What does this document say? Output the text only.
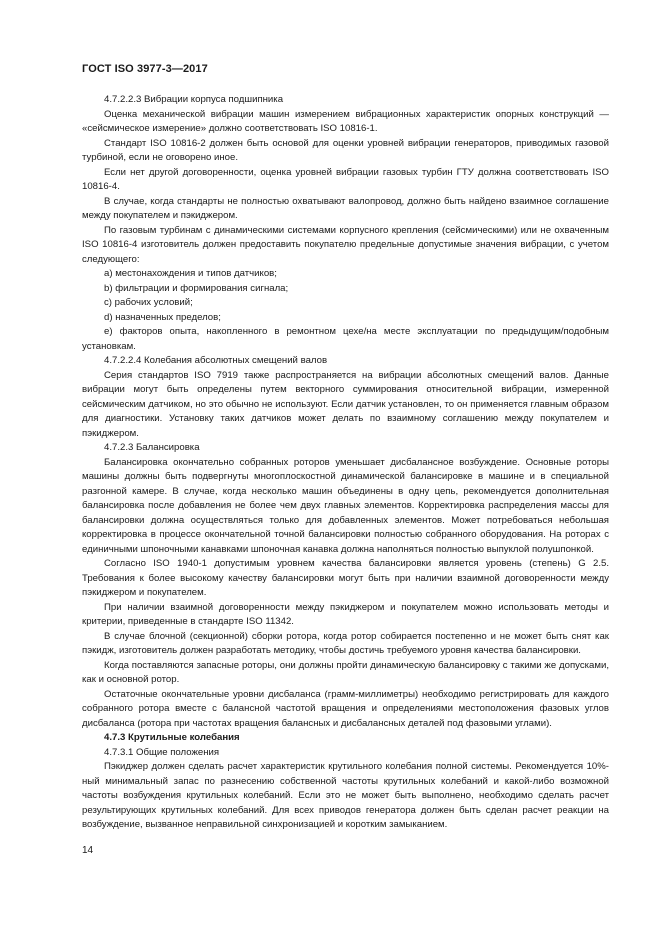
ГОСТ ISO 3977-3—2017

4.7.2.2.3 Вибрации корпуса подшипника

Оценка механической вибрации машин измерением вибрационных характеристик опорных конструкций — «сейсмическое измерение» должно соответствовать ISO 10816-1.

Стандарт ISO 10816-2 должен быть основой для оценки уровней вибрации генераторов, приводимых газовой турбиной, если не оговорено иное.

Если нет другой договоренности, оценка уровней вибрации газовых турбин ГТУ должна соответствовать ISO 10816-4.

В случае, когда стандарты не полностью охватывают валопровод, должно быть найдено взаимное соглашение между покупателем и пэкиджером.

По газовым турбинам с динамическими системами корпусного крепления (сейсмическими) или не охваченным ISO 10816-4 изготовитель должен предоставить покупателю предельные допустимые значения вибрации, с учетом следующего:

a) местонахождения и типов датчиков;

b) фильтрации и формирования сигнала;

c) рабочих условий;

d) назначенных пределов;

e) факторов опыта, накопленного в ремонтном цехе/на месте эксплуатации по предыдущим/подобным установкам.

4.7.2.2.4 Колебания абсолютных смещений валов

Серия стандартов ISO 7919 также распространяется на вибрации абсолютных смещений валов. Данные вибрации могут быть определены путем векторного суммирования относительной вибрации, измеренной сейсмическим датчиком, но это обычно не используют. Если датчик установлен, то он применяется главным образом для диагностики. Установку таких датчиков может делать по взаимному соглашению между покупателем и пэкиджером.

4.7.2.3 Балансировка

Балансировка окончательно собранных роторов уменьшает дисбалансное возбуждение. Основные роторы машины должны быть подвергнуты многоплоскостной динамической балансировке в машине и в специальной разгонной камере. В случае, когда несколько машин объединены в одну цепь, рекомендуется дополнительная балансировка после добавления не более чем двух главных элементов. Корректировка распределения массы для балансировки должна осуществляться только для добавленных элементов. Может потребоваться небольшая корректировка в процессе окончательной точной балансировки полностью собранного оборудования. На роторах с единичными шпоночными канавками шпоночная канавка должна наполняться полностью выпуклой полушпонкой.

Согласно ISO 1940-1 допустимым уровнем качества балансировки является уровень (степень) G 2.5. Требования к более высокому качеству балансировки могут быть при наличии взаимной договоренности между пэкиджером и покупателем.

При наличии взаимной договоренности между пэкиджером и покупателем можно использовать методы и критерии, приведенные в стандарте ISO 11342.

В случае блочной (секционной) сборки ротора, когда ротор собирается постепенно и не может быть снят как пэкидж, изготовитель должен разработать методику, чтобы достичь требуемого уровня качества балансировки.

Когда поставляются запасные роторы, они должны пройти динамическую балансировку с такими же допусками, как и основной ротор.

Остаточные окончательные уровни дисбаланса (грамм-миллиметры) необходимо регистрировать для каждого собранного ротора вместе с балансной частотой вращения и определениями местоположения фазовых углов дисбаланса (ротора при частотах вращения балансных и дисбалансных деталей под фазовыми углами).

4.7.3 Крутильные колебания

4.7.3.1 Общие положения

Пэкиджер должен сделать расчет характеристик крутильного колебания полной системы. Рекомендуется 10%-ный минимальный запас по разнесению собственной частоты крутильных колебаний и какой-либо возможной частоты возбуждения крутильных колебаний. Если это не может быть выполнено, необходимо сделать расчет результирующих крутильных колебаний. Для всех приводов генератора должен быть сделан расчет реакции на возбуждение, вызванное неправильной синхронизацией и коротким замыканием.

14
